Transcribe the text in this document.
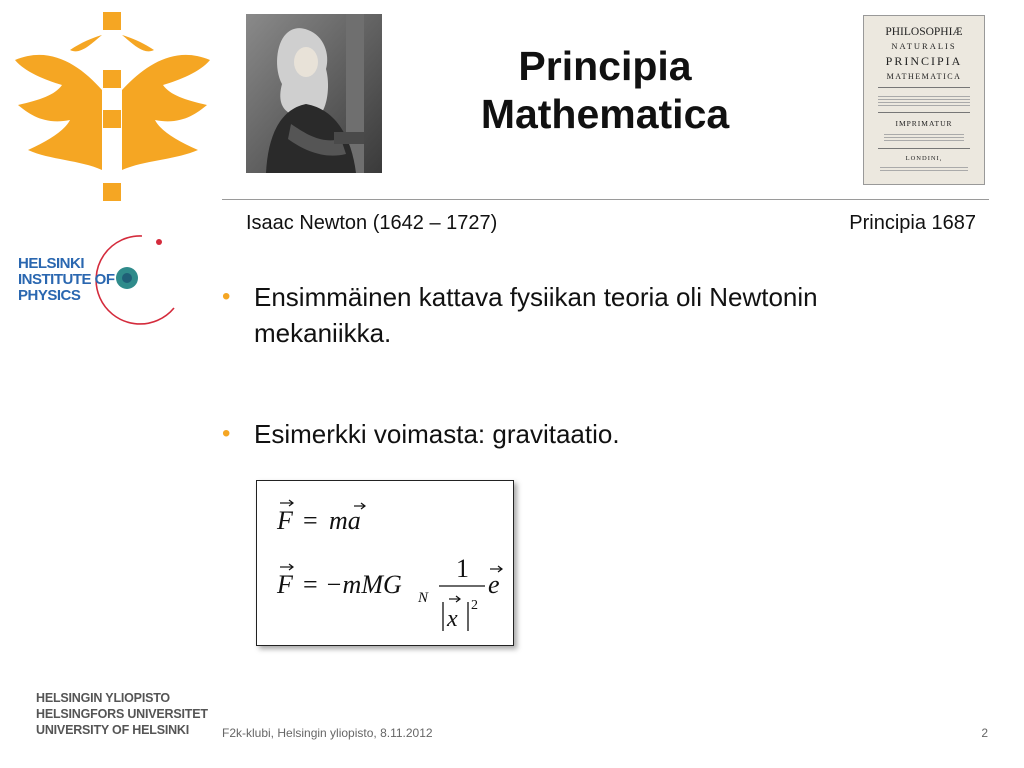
HELSINKI
INSTITUTE OF
PHYSICS
Principia
Mathematica
PHILOSOPHIÆ
NATURALIS
PRINCIPIA
MATHEMATICA
IMPRIMATUR
LONDINI,
Isaac Newton (1642 – 1727)	Principia 1687
• Ensimmäinen kattava fysiikan teoria oli Newtonin mekaniikka.
• Esimerkki voimasta: gravitaatio.
F = ma
F = −mMG N
1
x
2
e
HELSINGIN YLIOPISTO
HELSINGFORS UNIVERSITET
UNIVERSITY OF HELSINKI	F2k-klubi, Helsingin yliopisto, 8.11.2012	2
